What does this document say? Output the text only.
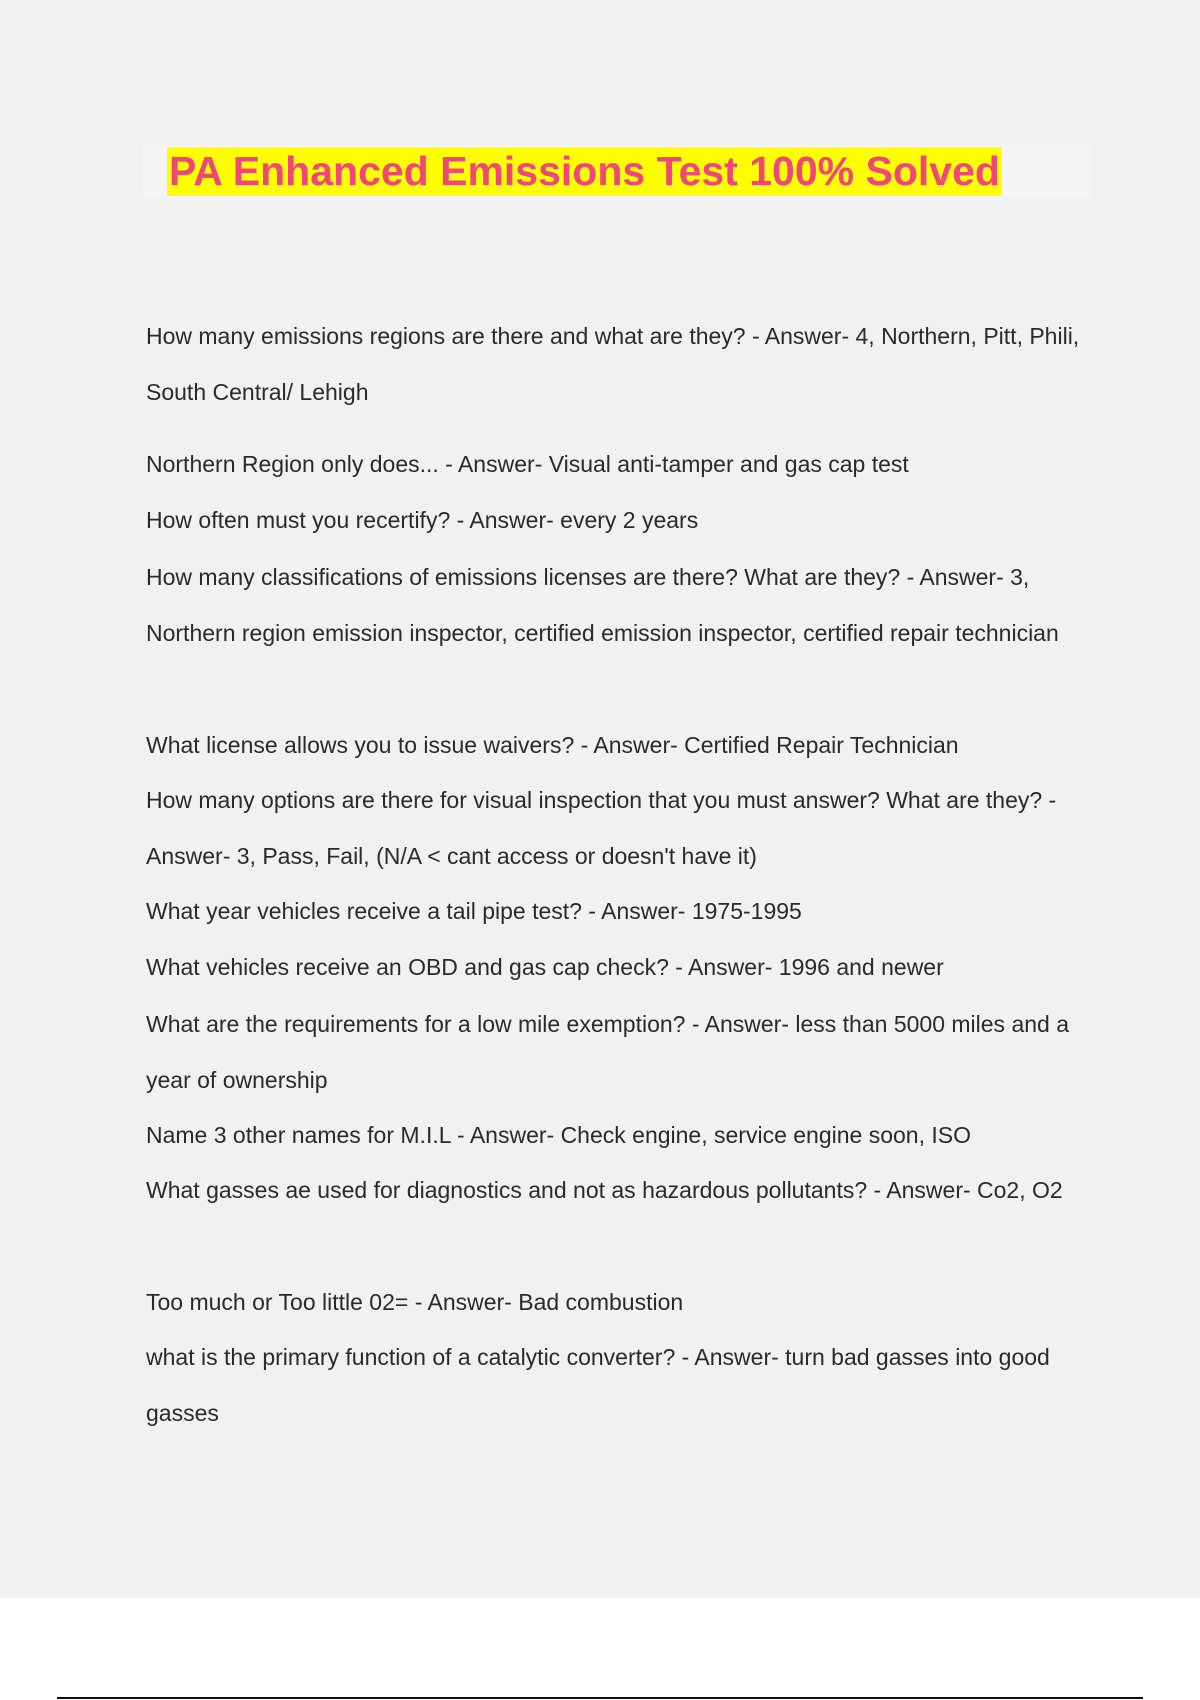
PA Enhanced Emissions Test 100% Solved

How many emissions regions are there and what are they? - Answer- 4, Northern, Pitt, Phili, South Central/ Lehigh

Northern Region only does... - Answer- Visual anti-tamper and gas cap test

How often must you recertify? - Answer- every 2 years

How many classifications of emissions licenses are there? What are they? - Answer- 3, Northern region emission inspector, certified emission inspector, certified repair technician

What license allows you to issue waivers? - Answer- Certified Repair Technician

How many options are there for visual inspection that you must answer? What are they? - Answer- 3, Pass, Fail, (N/A < cant access or doesn't have it)

What year vehicles receive a tail pipe test? - Answer- 1975-1995

What vehicles receive an OBD and gas cap check? - Answer- 1996 and newer

What are the requirements for a low mile exemption? - Answer- less than 5000 miles and a year of ownership

Name 3 other names for M.I.L - Answer- Check engine, service engine soon, ISO

What gasses ae used for diagnostics and not as hazardous pollutants? - Answer- Co2, O2

Too much or Too little 02= - Answer- Bad combustion

what is the primary function of a catalytic converter? - Answer- turn bad gasses into good gasses
